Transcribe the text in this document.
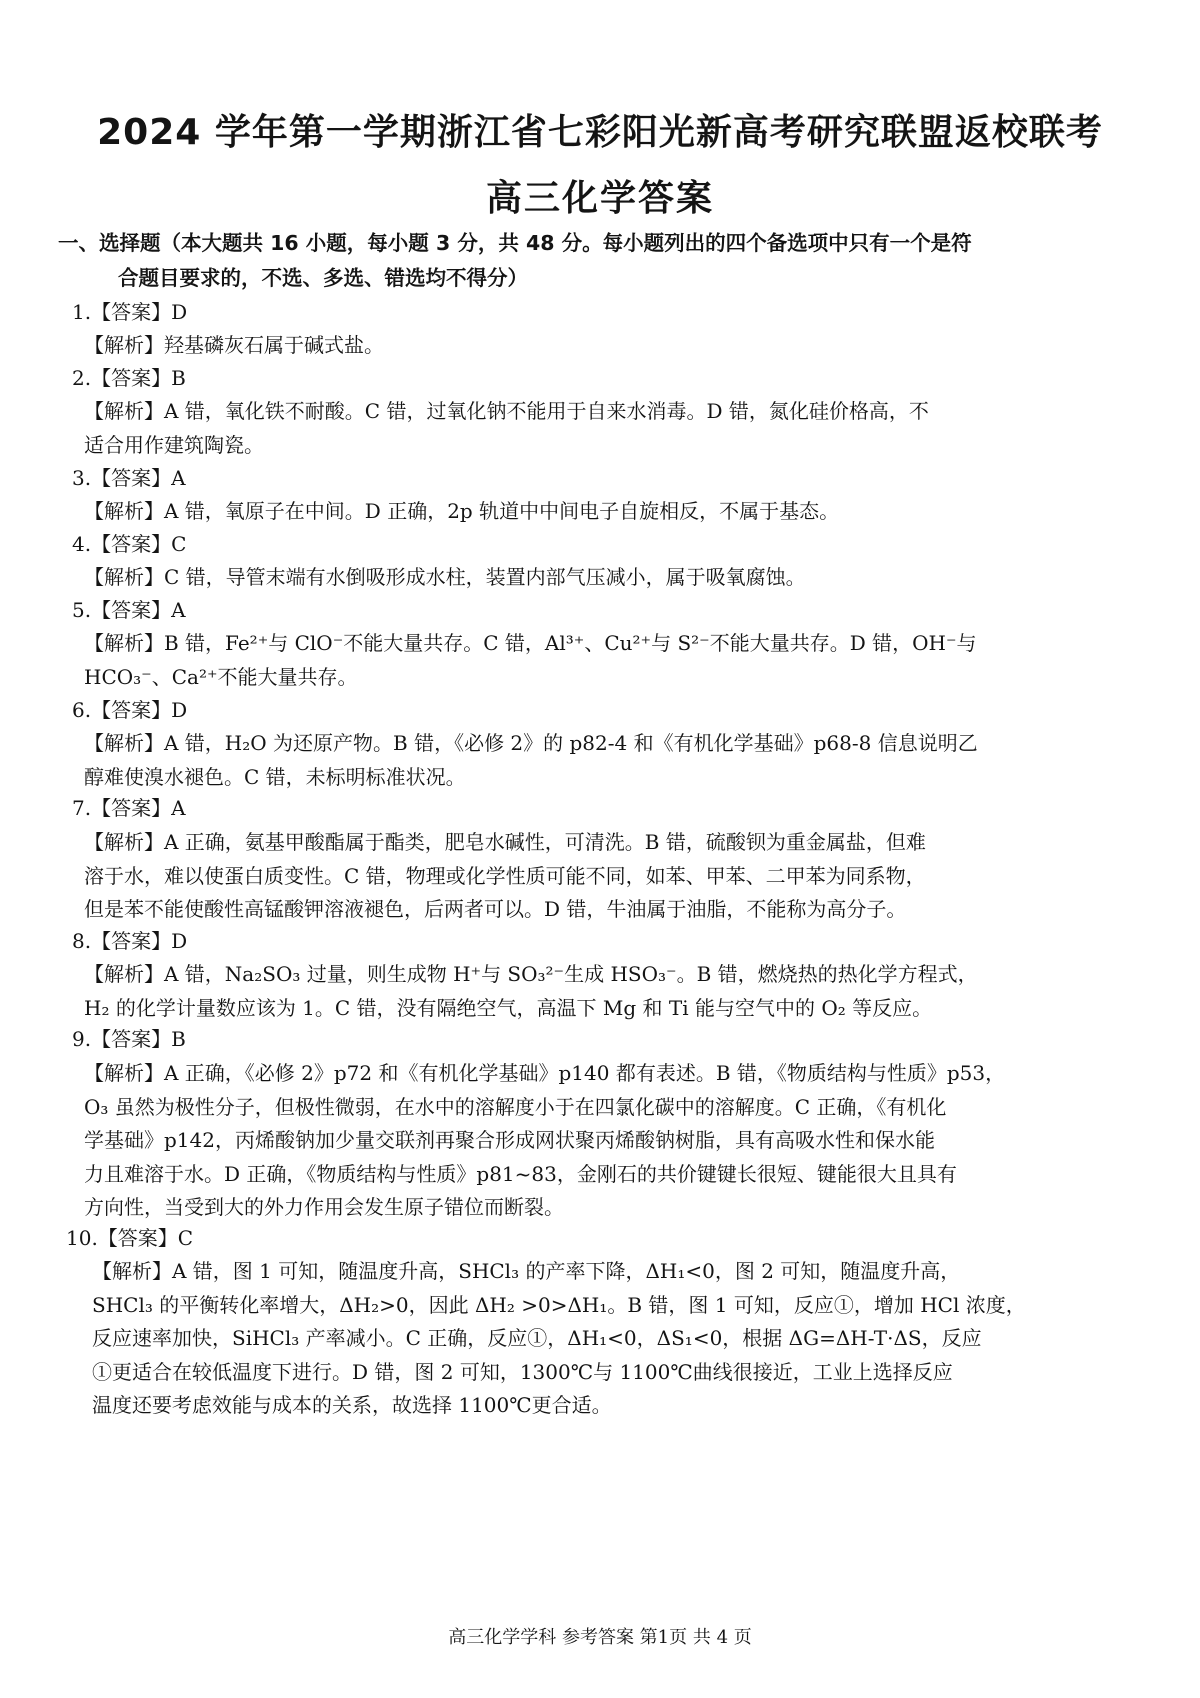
2024 学年第一学期浙江省七彩阳光新高考研究联盟返校联考
高三化学答案
一、选择题（本大题共 16 小题，每小题 3 分，共 48 分。每小题列出的四个备选项中只有一个是符
合题目要求的，不选、多选、错选均不得分）
1.【答案】D
【解析】羟基磷灰石属于碱式盐。
2.【答案】B
【解析】A 错，氧化铁不耐酸。C 错，过氧化钠不能用于自来水消毒。D 错，氮化硅价格高，不
适合用作建筑陶瓷。
3.【答案】A
【解析】A 错，氧原子在中间。D 正确，2p 轨道中中间电子自旋相反，不属于基态。
4.【答案】C
【解析】C 错，导管末端有水倒吸形成水柱，装置内部气压减小，属于吸氧腐蚀。
5.【答案】A
【解析】B 错，Fe²⁺与 ClO⁻不能大量共存。C 错，Al³⁺、Cu²⁺与 S²⁻不能大量共存。D 错，OH⁻与
HCO₃⁻、Ca²⁺不能大量共存。
6.【答案】D
【解析】A 错，H₂O 为还原产物。B 错，《必修 2》的 p82-4 和《有机化学基础》p68-8 信息说明乙
醇难使溴水褪色。C 错，未标明标准状况。
7.【答案】A
【解析】A 正确，氨基甲酸酯属于酯类，肥皂水碱性，可清洗。B 错，硫酸钡为重金属盐，但难
溶于水，难以使蛋白质变性。C 错，物理或化学性质可能不同，如苯、甲苯、二甲苯为同系物，
但是苯不能使酸性高锰酸钾溶液褪色，后两者可以。D 错，牛油属于油脂，不能称为高分子。
8.【答案】D
【解析】A 错，Na₂SO₃ 过量，则生成物 H⁺与 SO₃²⁻生成 HSO₃⁻。B 错，燃烧热的热化学方程式，
H₂ 的化学计量数应该为 1。C 错，没有隔绝空气，高温下 Mg 和 Ti 能与空气中的 O₂ 等反应。
9.【答案】B
【解析】A 正确，《必修 2》p72 和《有机化学基础》p140 都有表述。B 错，《物质结构与性质》p53，
O₃ 虽然为极性分子，但极性微弱，在水中的溶解度小于在四氯化碳中的溶解度。C 正确，《有机化
学基础》p142，丙烯酸钠加少量交联剂再聚合形成网状聚丙烯酸钠树脂，具有高吸水性和保水能
力且难溶于水。D 正确，《物质结构与性质》p81~83，金刚石的共价键键长很短、键能很大且具有
方向性，当受到大的外力作用会发生原子错位而断裂。
10.【答案】C
【解析】A 错，图 1 可知，随温度升高，SHCl₃ 的产率下降，ΔH₁<0，图 2 可知，随温度升高，
SHCl₃ 的平衡转化率增大，ΔH₂>0，因此 ΔH₂ >0>ΔH₁。B 错，图 1 可知，反应①，增加 HCl 浓度，
反应速率加快，SiHCl₃ 产率减小。C 正确，反应①，ΔH₁<0，ΔS₁<0，根据 ΔG=ΔH-T·ΔS，反应
①更适合在较低温度下进行。D 错，图 2 可知，1300℃与 1100℃曲线很接近，工业上选择反应
温度还要考虑效能与成本的关系，故选择 1100℃更合适。
高三化学学科 参考答案 第1页 共 4 页
